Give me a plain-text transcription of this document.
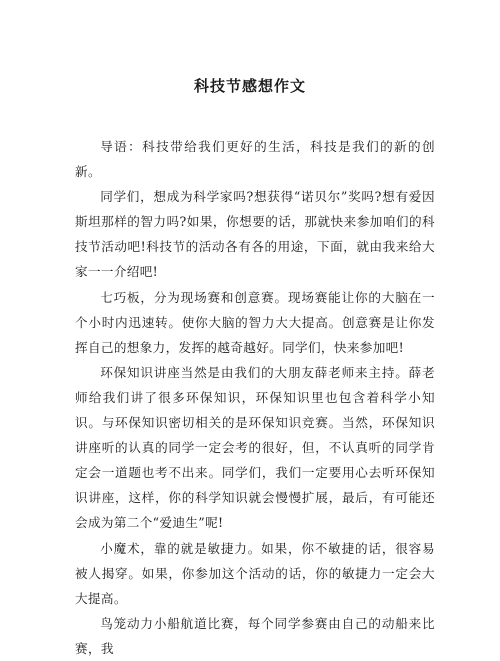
科技节感想作文

导语：科技带给我们更好的生活，科技是我们的新的创新。

同学们，想成为科学家吗?想获得“诺贝尔”奖吗?想有爱因斯坦那样的智力吗?如果，你想要的话，那就快来参加咱们的科技节活动吧!科技节的活动各有各的用途，下面，就由我来给大家一一介绍吧!

七巧板，分为现场赛和创意赛。现场赛能让你的大脑在一个小时内迅速转。使你大脑的智力大大提高。创意赛是让你发挥自己的想象力，发挥的越奇越好。同学们，快来参加吧!

环保知识讲座当然是由我们的大朋友薛老师来主持。薛老师给我们讲了很多环保知识，环保知识里也包含着科学小知识。与环保知识密切相关的是环保知识竞赛。当然，环保知识讲座听的认真的同学一定会考的很好，但，不认真听的同学肯定会一道题也考不出来。同学们，我们一定要用心去听环保知识讲座，这样，你的科学知识就会慢慢扩展，最后，有可能还会成为第二个“爱迪生”呢!

小魔术，靠的就是敏捷力。如果，你不敏捷的话，很容易被人揭穿。如果，你参加这个活动的话，你的敏捷力一定会大大提高。

鸟笼动力小船航道比赛，每个同学参赛由自己的动船来比赛，我
